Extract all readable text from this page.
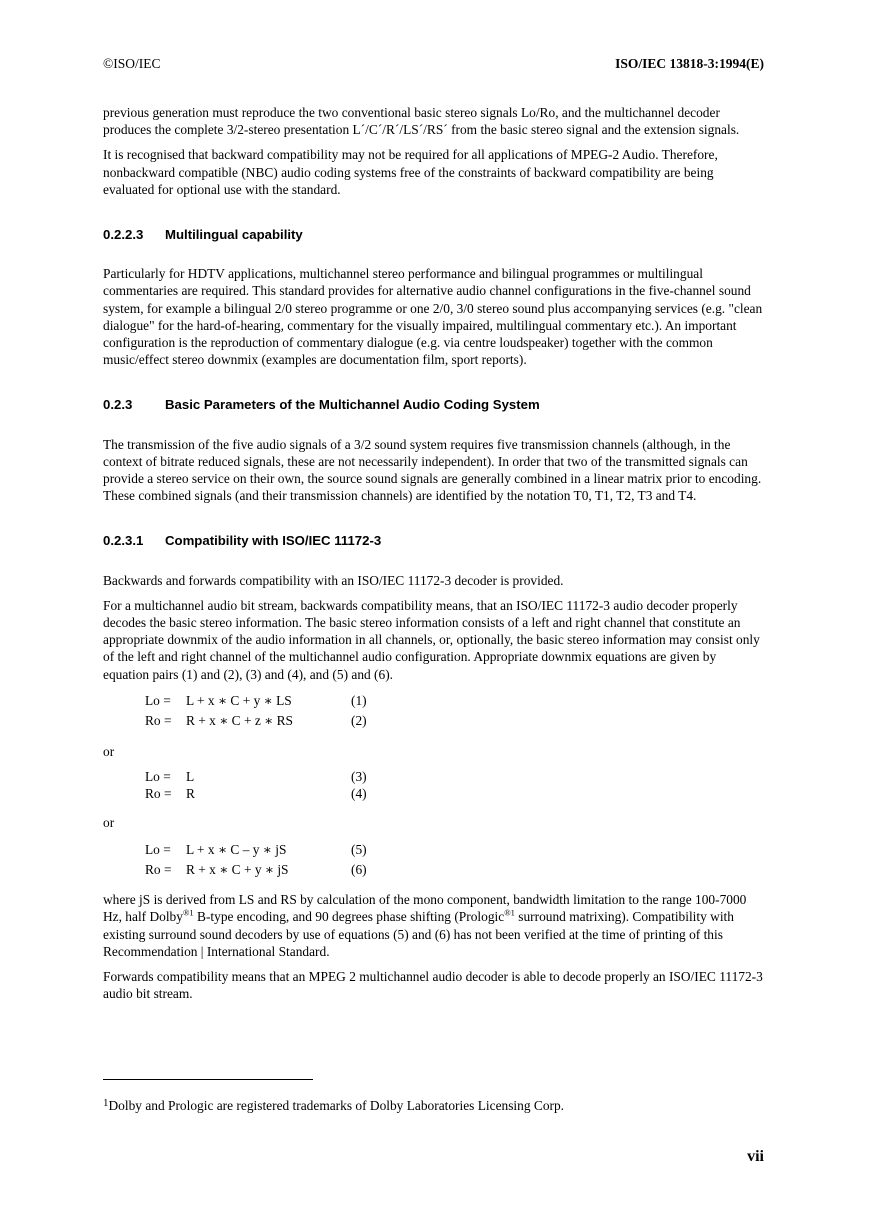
©ISO/IEC	ISO/IEC 13818-3:1994(E)

previous generation must reproduce the two conventional basic stereo signals Lo/Ro, and the multichannel decoder produces the complete 3/2-stereo presentation L´/C´/R´/LS´/RS´ from the basic stereo signal and the extension signals.

It is recognised that backward compatibility may not be required for all applications of MPEG-2 Audio. Therefore, nonbackward compatible (NBC) audio coding systems free of the constraints of backward compatibility are being evaluated for optional use with the standard.

0.2.2.3	Multilingual capability

Particularly for HDTV applications, multichannel stereo performance and bilingual programmes or multilingual commentaries are required. This standard provides for alternative audio channel configurations in the five-channel sound system, for example a bilingual 2/0 stereo programme or one 2/0, 3/0 stereo sound plus accompanying services (e.g. "clean dialogue" for the hard-of-hearing, commentary for the visually impaired, multilingual commentary etc.). An important configuration is the reproduction of commentary dialogue (e.g. via centre loudspeaker) together with the common music/effect stereo downmix (examples are documentation film, sport reports).

0.2.3	Basic Parameters of the Multichannel Audio Coding System

The transmission of the five audio signals of a 3/2 sound system requires five transmission channels (although, in the context of bitrate reduced signals, these are not necessarily independent). In order that two of the transmitted signals can provide a stereo service on their own, the source sound signals are generally combined in a linear matrix prior to encoding. These combined signals (and their transmission channels) are identified by the notation T0, T1, T2, T3 and T4.

0.2.3.1	Compatibility with ISO/IEC 11172-3

Backwards and forwards compatibility with an ISO/IEC 11172-3 decoder is provided.

For a multichannel audio bit stream, backwards compatibility means, that an ISO/IEC 11172-3 audio decoder properly decodes the basic stereo information. The basic stereo information consists of a left and right channel that constitute an appropriate downmix of the audio information in all channels, or, optionally, the basic stereo information may consist only of the left and right channel of the multichannel audio configuration. Appropriate downmix equations are given by equation pairs (1) and (2), (3) and (4), and (5) and (6).

Lo =	L + x ∗ C + y ∗ LS	(1)
Ro =	R + x ∗ C + z ∗ RS	(2)
or
Lo =	L	(3)
Ro =	R	(4)
or
Lo =	L + x ∗ C – y ∗ jS	(5)
Ro =	R + x ∗ C + y ∗ jS	(6)

where jS is derived from LS and RS by calculation of the mono component, bandwidth limitation to the range 100-7000 Hz, half Dolby$^{®1}$ B-type encoding, and 90 degrees phase shifting (Prologic$^{®1}$ surround matrixing). Compatibility with existing surround sound decoders by use of equations (5) and (6) has not been verified at the time of printing of this Recommendation | International Standard.

Forwards compatibility means that an MPEG 2 multichannel audio decoder is able to decode properly an ISO/IEC 11172-3 audio bit stream.

$^1$Dolby and Prologic are registered trademarks of Dolby Laboratories Licensing Corp.
vii
